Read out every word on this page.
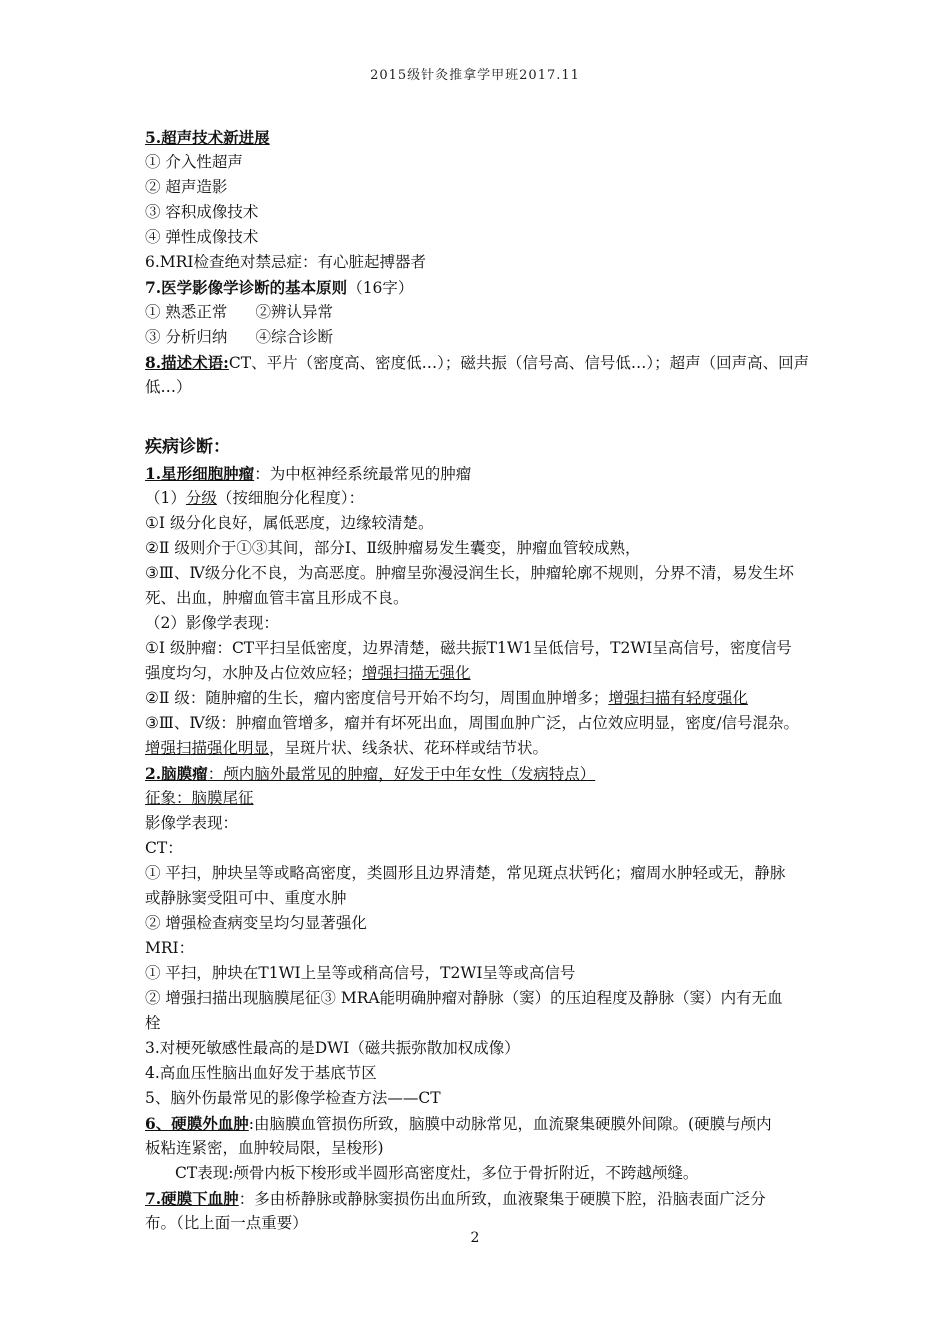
2015级针灸推拿学甲班2017.11
5.超声技术新进展
① 介入性超声
② 超声造影
③ 容积成像技术
④ 弹性成像技术
6.MRI检查绝对禁忌症：有心脏起搏器者
7.医学影像学诊断的基本原则（16字）
① 熟悉正常 ②辨认异常
③ 分析归纳 ④综合诊断
8.描述术语:CT、平片（密度高、密度低…）；磁共振（信号高、信号低…）；超声（回声高、回声
低…）
疾病诊断：
1.星形细胞肿瘤：为中枢神经系统最常见的肿瘤
（1）分级（按细胞分化程度）：
①Ⅰ 级分化良好，属低恶度，边缘较清楚。
②Ⅱ 级则介于①③其间，部分Ⅰ、Ⅱ级肿瘤易发生囊变，肿瘤血管较成熟，
③Ⅲ、Ⅳ级分化不良，为高恶度。肿瘤呈弥漫浸润生长，肿瘤轮廓不规则，分界不清，易发生坏
死、出血，肿瘤血管丰富且形成不良。
（2）影像学表现：
①Ⅰ 级肿瘤：CT平扫呈低密度，边界清楚，磁共振T1W1呈低信号，T2WI呈高信号，密度信号
强度均匀，水肿及占位效应轻；增强扫描无强化
②Ⅱ 级：随肿瘤的生长，瘤内密度信号开始不均匀，周围血肿增多；增强扫描有轻度强化
③Ⅲ、Ⅳ级：肿瘤血管增多，瘤并有坏死出血，周围血肿广泛，占位效应明显，密度/信号混杂。
增强扫描强化明显，呈斑片状、线条状、花环样或结节状。
2.脑膜瘤：颅内脑外最常见的肿瘤，好发于中年女性（发病特点）
征象：脑膜尾征
影像学表现：
CT：
① 平扫，肿块呈等或略高密度，类圆形且边界清楚，常见斑点状钙化；瘤周水肿轻或无，静脉
或静脉窦受阻可中、重度水肿
② 增强检查病变呈均匀显著强化
MRI：
① 平扫，肿块在T1WI上呈等或稍高信号，T2WI呈等或高信号
② 增强扫描出现脑膜尾征③ MRA能明确肿瘤对静脉（窦）的压迫程度及静脉（窦）内有无血
栓
3.对梗死敏感性最高的是DWI（磁共振弥散加权成像）
4.高血压性脑出血好发于基底节区
5、脑外伤最常见的影像学检查方法——CT
6、硬膜外血肿:由脑膜血管损伤所致，脑膜中动脉常见，血流聚集硬膜外间隙。(硬膜与颅内
板粘连紧密，血肿较局限，呈梭形)
CT表现:颅骨内板下梭形或半圆形高密度灶，多位于骨折附近，不跨越颅缝。
7.硬膜下血肿：多由桥静脉或静脉窦损伤出血所致，血液聚集于硬膜下腔，沿脑表面广泛分
布。（比上面一点重要）
2
